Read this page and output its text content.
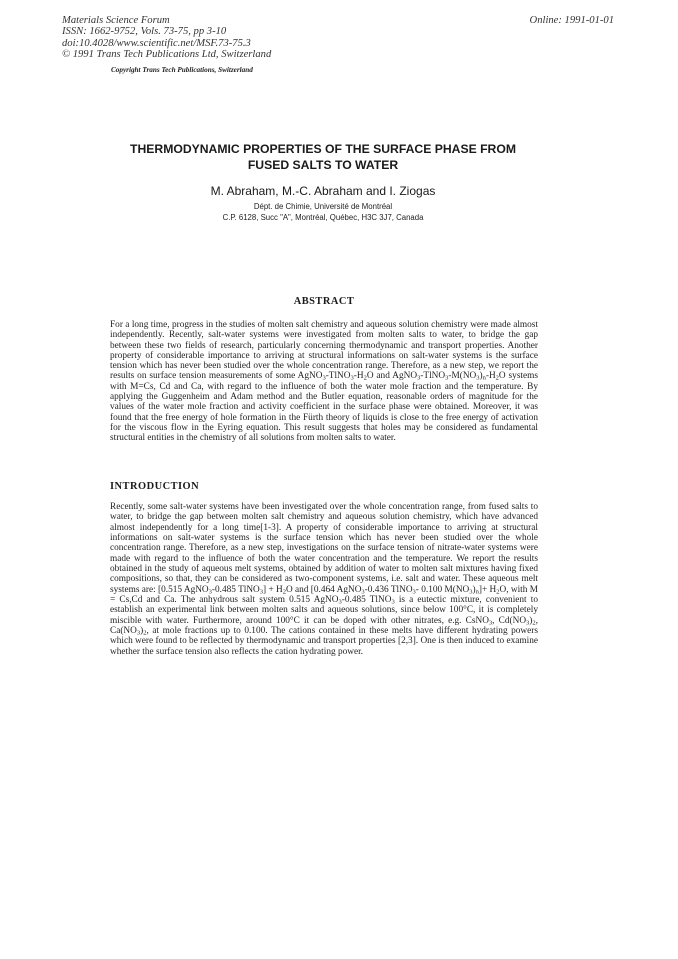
Materials Science Forum
ISSN: 1662-9752, Vols. 73-75, pp 3-10
doi:10.4028/www.scientific.net/MSF.73-75.3
© 1991 Trans Tech Publications Ltd, Switzerland
Copyright Trans Tech Publications, Switzerland
Online: 1991-01-01
THERMODYNAMIC PROPERTIES OF THE SURFACE PHASE FROM
FUSED SALTS TO WATER
M. Abraham, M.-C. Abraham and I. Ziogas
Dépt. de Chimie, Université de Montréal
C.P. 6128, Succ "A", Montréal, Québec, H3C 3J7, Canada
ABSTRACT
For a long time, progress in the studies of molten salt chemistry and aqueous solution chemistry were made almost independently. Recently, salt-water systems were investigated from molten salts to water, to bridge the gap between these two fields of research, particularly concerning thermodynamic and transport properties. Another property of considerable importance to arriving at structural informations on salt-water systems is the surface tension which has never been studied over the whole concentration range. Therefore, as a new step, we report the results on surface tension measurements of some $AgNO_3-TlNO_3-H_2O$ and $AgNO_3-TlNO_3-M(NO_3)_n-H_2O$ systems with M=Cs, Cd and Ca, with regard to the influence of both the water mole fraction and the temperature. By applying the Guggenheim and Adam method and the Butler equation, reasonable orders of magnitude for the values of the water mole fraction and activity coefficient in the surface phase were obtained. Moreover, it was found that the free energy of hole formation in the Fürth theory of liquids is close to the free energy of activation for the viscous flow in the Eyring equation. This result suggests that holes may be considered as fundamental structural entities in the chemistry of all solutions from molten salts to water.
INTRODUCTION
Recently, some salt-water systems have been investigated over the whole concentration range, from fused salts to water, to bridge the gap between molten salt chemistry and aqueous solution chemistry, which have advanced almost independently for a long time[1-3]. A property of considerable importance to arriving at structural informations on salt-water systems is the surface tension which has never been studied over the whole concentration range. Therefore, as a new step, investigations on the surface tension of nitrate-water systems were made with regard to the influence of both the water concentration and the temperature. We report the results obtained in the study of aqueous melt systems, obtained by addition of water to molten salt mixtures having fixed compositions, so that, they can be considered as two-component systems, i.e. salt and water. These aqueous melt systems are: [0.515 AgNO$_3$-0.485 TlNO$_3$] + $H_2O$ and [0.464 AgNO$_3$-0.436 TlNO$_3$- 0.100 $M(NO_3)_n]+ H_2O$, with M = Cs,Cd and Ca. The anhydrous salt system 0.515 AgNO$_3$-0.485 TlNO$_3$ is a eutectic mixture, convenient to establish an experimental link between molten salts and aqueous solutions, since below 100°C, it is completely miscible with water. Furthermore, around 100°C it can be doped with other nitrates, e.g. CsNO$_3$, $Cd(NO_3)_2$, $Ca(NO_3)_2$, at mole fractions up to 0.100. The cations contained in these melts have different hydrating powers which were found to be reflected by thermodynamic and transport properties [2,3]. One is then induced to examine whether the surface tension also reflects the cation hydrating power.
